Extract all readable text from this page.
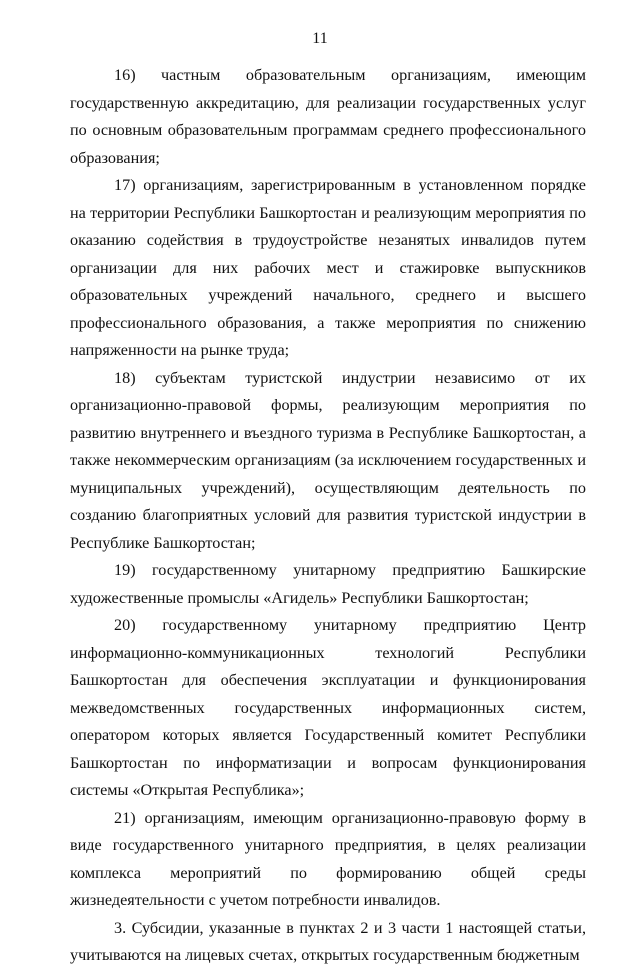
11

16) частным образовательным организациям, имеющим государственную аккредитацию, для реализации государственных услуг по основным образовательным программам среднего профессионального образования;

17) организациям, зарегистрированным в установленном порядке на территории Республики Башкортостан и реализующим мероприятия по оказанию содействия в трудоустройстве незанятых инвалидов путем организации для них рабочих мест и стажировке выпускников образовательных учреждений начального, среднего и высшего профессионального образования, а также мероприятия по снижению напряженности на рынке труда;

18) субъектам туристской индустрии независимо от их организационно-правовой формы, реализующим мероприятия по развитию внутреннего и въездного туризма в Республике Башкортостан, а также некоммерческим организациям (за исключением государственных и муниципальных учреждений), осуществляющим деятельность по созданию благоприятных условий для развития туристской индустрии в Республике Башкортостан;

19) государственному унитарному предприятию Башкирские художественные промыслы «Агидель» Республики Башкортостан;

20) государственному унитарному предприятию Центр информационно-коммуникационных технологий Республики Башкортостан для обеспечения эксплуатации и функционирования межведомственных государственных информационных систем, оператором которых является Государственный комитет Республики Башкортостан по информатизации и вопросам функционирования системы «Открытая Республика»;

21) организациям, имеющим организационно-правовую форму в виде государственного унитарного предприятия, в целях реализации комплекса мероприятий по формированию общей среды жизнедеятельности с учетом потребности инвалидов.

3. Субсидии, указанные в пунктах 2 и 3 части 1 настоящей статьи, учитываются на лицевых счетах, открытых государственным бюджетным
